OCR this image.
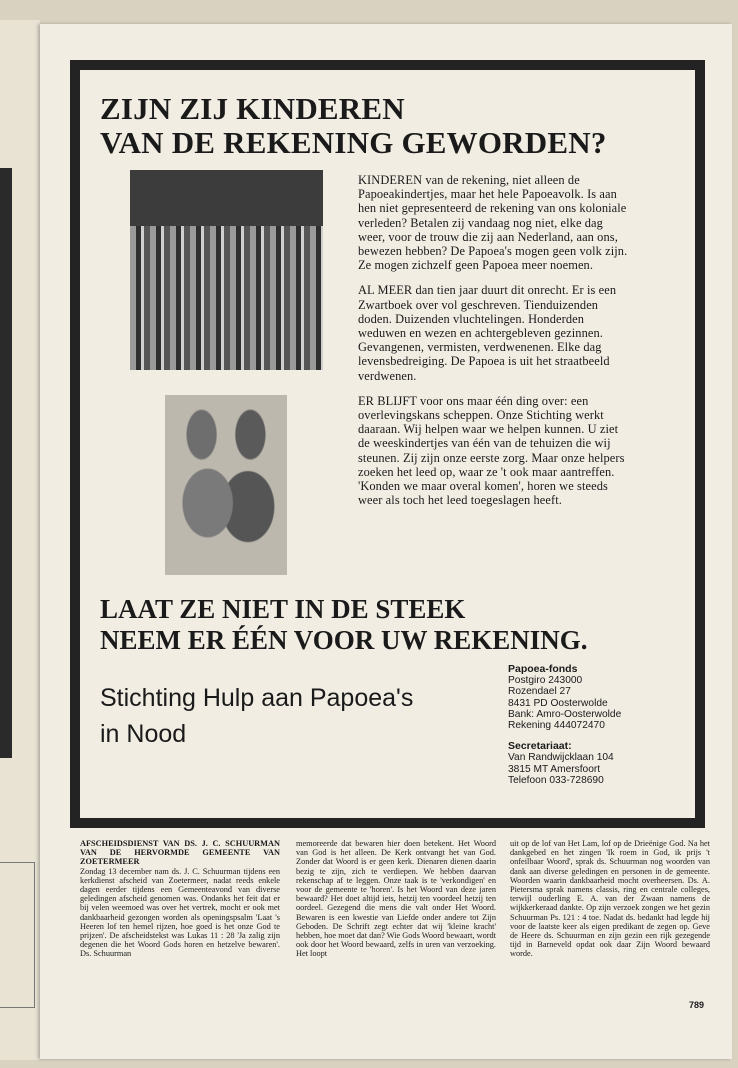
ZIJN ZIJ KINDEREN
VAN DE REKENING GEWORDEN?

KINDEREN van de rekening, niet alleen de Papoeakindertjes, maar het hele Papoeavolk. Is aan hen niet gepresenteerd de rekening van ons koloniale verleden? Betalen zij vandaag nog niet, elke dag weer, voor de trouw die zij aan Nederland, aan ons, bewezen hebben? De Papoea's mogen geen volk zijn. Ze mogen zichzelf geen Papoea meer noemen.

AL MEER dan tien jaar duurt dit onrecht. Er is een Zwartboek over vol geschreven. Tienduizenden doden. Duizenden vluchtelingen. Honderden weduwen en wezen en achtergebleven gezinnen. Gevangenen, vermisten, verdwenenen. Elke dag levensbedreiging. De Papoea is uit het straatbeeld verdwenen.

ER BLIJFT voor ons maar één ding over: een overlevingskans scheppen. Onze Stichting werkt daaraan. Wij helpen waar we helpen kunnen. U ziet de weeskindertjes van één van de tehuizen die wij steunen. Zij zijn onze eerste zorg. Maar onze helpers zoeken het leed op, waar ze 't ook maar aantreffen. 'Konden we maar overal komen', horen we steeds weer als toch het leed toegeslagen heeft.

LAAT ZE NIET IN DE STEEK
NEEM ER ÉÉN VOOR UW REKENING.
Stichting Hulp aan Papoea's
in Nood
Papoea-fonds
Postgiro 243000
Rozendael 27
8431 PD Oosterwolde
Bank: Amro-Oosterwolde
Rekening 444072470
Secretariaat:
Van Randwijcklaan 104
3815 MT Amersfoort
Telefoon 033-728690
AFSCHEIDSDIENST VAN DS. J. C. SCHUURMAN VAN DE HERVORMDE GEMEENTE VAN ZOETERMEER
Zondag 13 december nam ds. J. C. Schuurman tijdens een kerkdienst afscheid van Zoetermeer, nadat reeds enkele dagen eerder tijdens een Gemeenteavond van diverse geledingen afscheid genomen was. Ondanks het feit dat er bij velen weemoed was over het vertrek, mocht er ook met dankbaarheid gezongen worden als openingspsalm 'Laat 's Heeren lof ten hemel rijzen, hoe goed is het onze God te prijzen'. De afscheidstekst was Lukas 11 : 28 'Ja zalig zijn degenen die het Woord Gods horen en hetzelve bewaren'. Ds. Schuurman
memoreerde dat bewaren hier doen betekent. Het Woord van God is het alleen. De Kerk ontvangt het van God. Zonder dat Woord is er geen kerk. Dienaren dienen daarin bezig te zijn, zich te verdiepen. We hebben daarvan rekenschap af te leggen. Onze taak is te 'verkondigen' en voor de gemeente te 'horen'. Is het Woord van deze jaren bewaard? Het doet altijd iets, hetzij ten voordeel hetzij ten oordeel. Gezegend die mens die valt onder Het Woord. Bewaren is een kwestie van Liefde onder andere tot Zijn Geboden. De Schrift zegt echter dat wij 'kleine kracht' hebben, hoe moet dat dan? Wie Gods Woord bewaart, wordt ook door het Woord bewaard, zelfs in uren van verzoeking. Het loopt
uit op de lof van Het Lam, lof op de Drieënige God. Na het dankgebed en het zingen 'Ik roem in God, ik prijs 't onfeilbaar Woord', sprak ds. Schuurman nog woorden van dank aan diverse geledingen en personen in de gemeente. Woorden waarin dankbaarheid mocht overheersen. Ds. A. Pietersma sprak namens classis, ring en centrale colleges, terwijl ouderling E. A. van der Zwaan namens de wijkkerkeraad dankte. Op zijn verzoek zongen we het gezin Schuurman Ps. 121 : 4 toe. Nadat ds. bedankt had legde hij voor de laatste keer als eigen predikant de zegen op. Geve de Heere ds. Schuurman en zijn gezin een rijk gezegende tijd in Barneveld opdat ook daar Zijn Woord bewaard worde.
789
